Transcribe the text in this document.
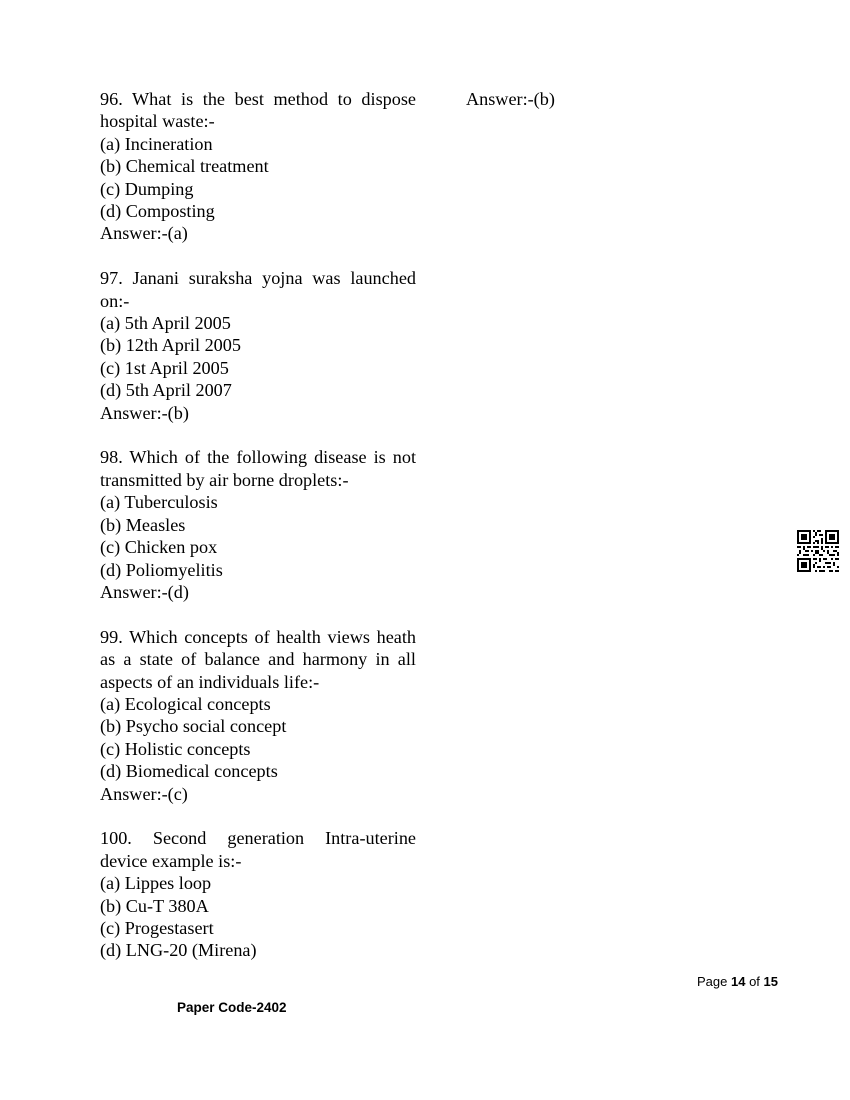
96. What is the best method to dispose hospital waste:-
(a) Incineration
(b) Chemical treatment
(c) Dumping
(d) Composting
Answer:-(a)
97. Janani suraksha yojna was launched on:-
(a) 5th April 2005
(b) 12th April 2005
(c) 1st April 2005
(d) 5th April 2007
Answer:-(b)
98. Which of the following disease is not transmitted by air borne droplets:-
(a) Tuberculosis
(b) Measles
(c) Chicken pox
(d) Poliomyelitis
Answer:-(d)
99. Which concepts of health views heath as a state of balance and harmony in all aspects of an individuals life:-
(a) Ecological concepts
(b) Psycho social concept
(c) Holistic concepts
(d) Biomedical concepts
Answer:-(c)
100. Second generation Intra-uterine device example is:-
(a) Lippes loop
(b) Cu-T 380A
(c) Progestasert
(d) LNG-20 (Mirena)
Answer:-(b)
Page 14 of 15
Paper Code-2402
